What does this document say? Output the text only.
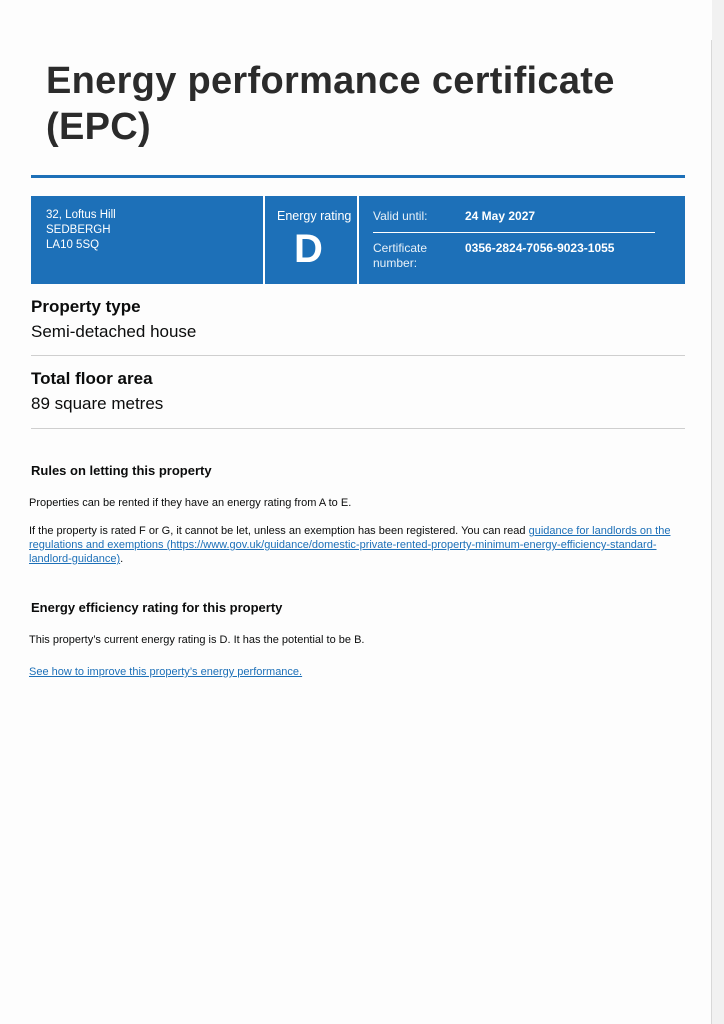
Energy performance certificate
(EPC)
32, Loftus Hill
SEDBERGH
LA10 5SQ
Energy rating
D
Valid until:	24 May 2027
Certificate
number:
0356-2824-7056-9023-1055
Property type

Semi-detached house

Total floor area

89 square metres

Rules on letting this property

Properties can be rented if they have an energy rating from A to E.

If the property is rated F or G, it cannot be let, unless an exemption has been registered. You can read guidance for landlords on the regulations and exemptions (https://www.gov.uk/guidance/domestic-private-rented-property-minimum-energy-efficiency-standard-landlord-guidance).

Energy efficiency rating for this property

This property’s current energy rating is D. It has the potential to be B.

See how to improve this property’s energy performance.
